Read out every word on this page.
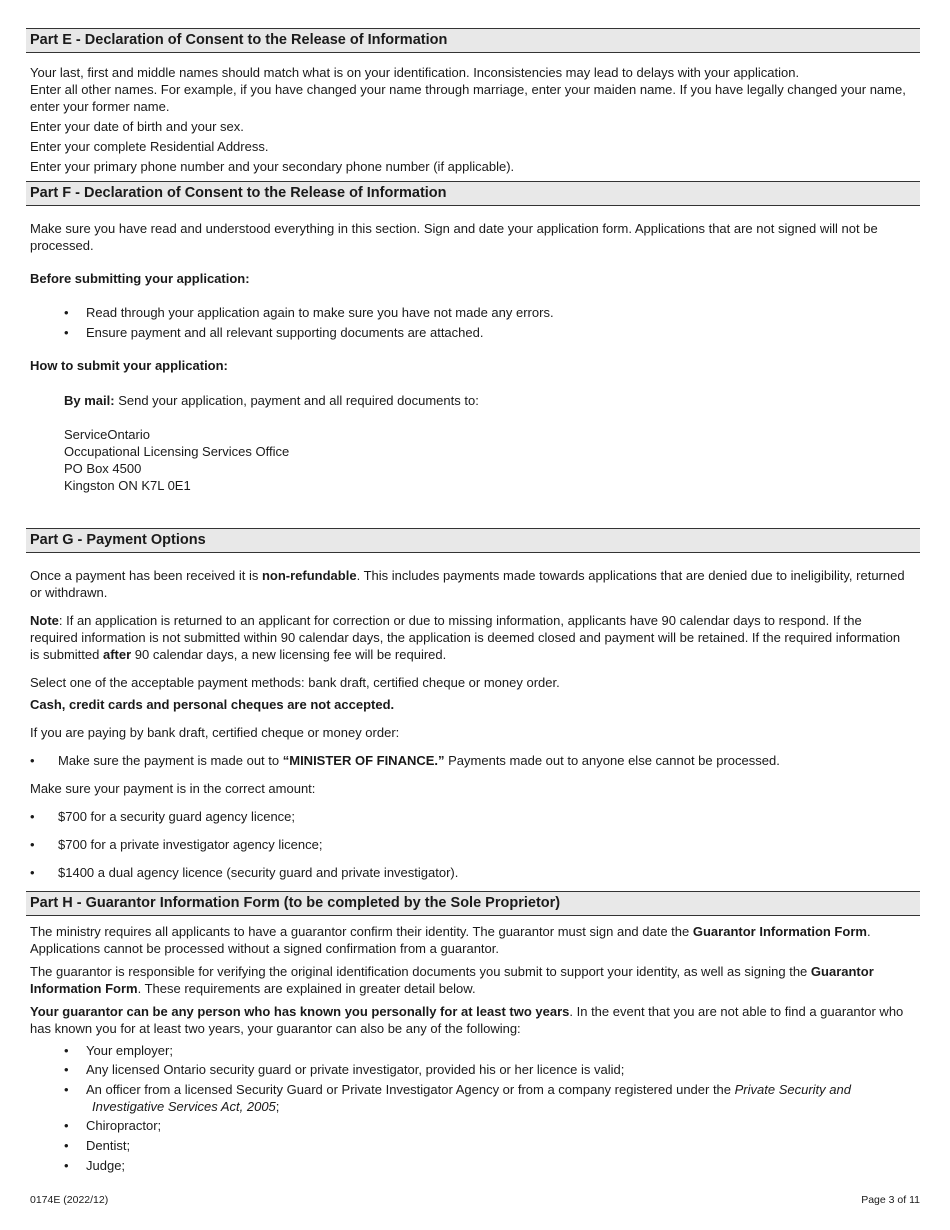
Part E - Declaration of Consent to the Release of Information
Your last, first and middle names should match what is on your identification. Inconsistencies may lead to delays with your application.
Enter all other names. For example, if you have changed your name through marriage, enter your maiden name. If you have legally changed your name, enter your former name.
Enter your date of birth and your sex.
Enter your complete Residential Address.
Enter your primary phone number and your secondary phone number (if applicable).
Part F - Declaration of Consent to the Release of Information
Make sure you have read and understood everything in this section. Sign and date your application form. Applications that are not signed will not be processed.
Before submitting your application:
• Read through your application again to make sure you have not made any errors.
• Ensure payment and all relevant supporting documents are attached.
How to submit your application:
By mail: Send your application, payment and all required documents to:
ServiceOntario
Occupational Licensing Services Office
PO Box 4500
Kingston ON K7L 0E1
Part G - Payment Options
Once a payment has been received it is non-refundable. This includes payments made towards applications that are denied due to ineligibility, returned or withdrawn.
Note: If an application is returned to an applicant for correction or due to missing information, applicants have 90 calendar days to respond. If the required information is not submitted within 90 calendar days, the application is deemed closed and payment will be retained. If the required information is submitted after 90 calendar days, a new licensing fee will be required.
Select one of the acceptable payment methods: bank draft, certified cheque or money order.
Cash, credit cards and personal cheques are not accepted.
If you are paying by bank draft, certified cheque or money order:
• Make sure the payment is made out to “MINISTER OF FINANCE.” Payments made out to anyone else cannot be processed.
Make sure your payment is in the correct amount:
• $700 for a security guard agency licence;
• $700 for a private investigator agency licence;
• $1400 a dual agency licence (security guard and private investigator).
Part H - Guarantor Information Form (to be completed by the Sole Proprietor)
The ministry requires all applicants to have a guarantor confirm their identity. The guarantor must sign and date the Guarantor Information Form. Applications cannot be processed without a signed confirmation from a guarantor.
The guarantor is responsible for verifying the original identification documents you submit to support your identity, as well as signing the Guarantor Information Form. These requirements are explained in greater detail below.
Your guarantor can be any person who has known you personally for at least two years. In the event that you are not able to find a guarantor who has known you for at least two years, your guarantor can also be any of the following:
• Your employer;
• Any licensed Ontario security guard or private investigator, provided his or her licence is valid;
• An officer from a licensed Security Guard or Private Investigator Agency or from a company registered under the Private Security and
Investigative Services Act, 2005;
• Chiropractor;
• Dentist;
• Judge;
0174E (2022/12)	Page 3 of 11
